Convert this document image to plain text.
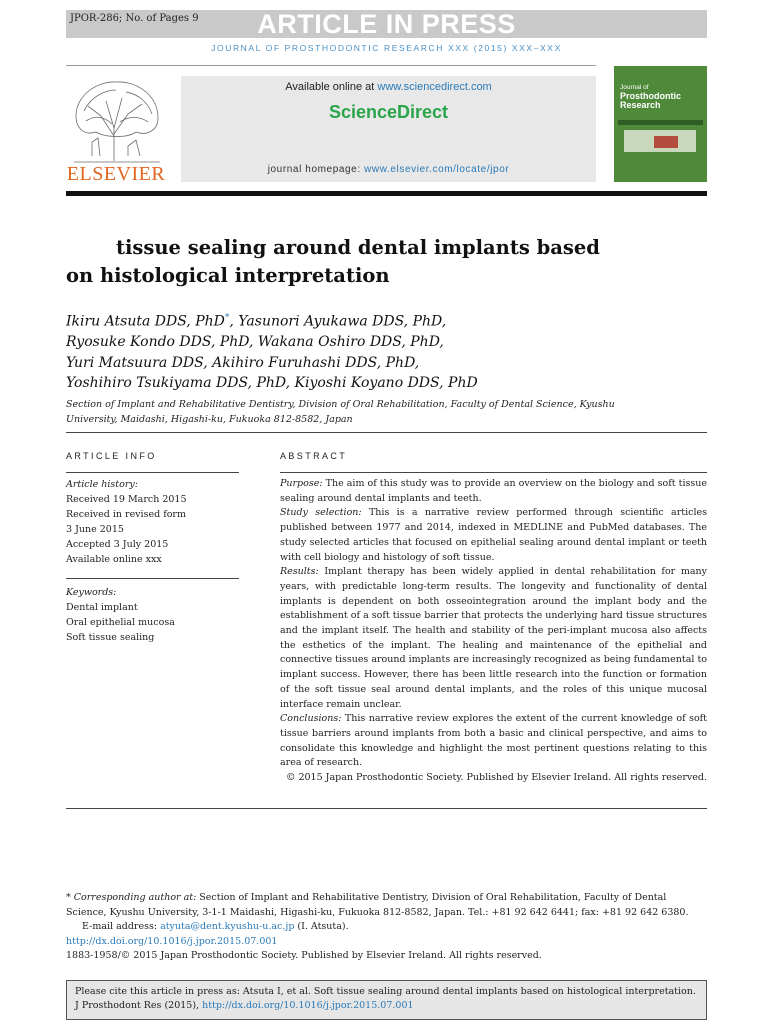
JPOR-286; No. of Pages 9	ARTICLE IN PRESS
JOURNAL OF PROSTHODONTIC RESEARCH XXX (2015) XXX–XXX
ELSEVIER
Available online at www.sciencedirect.com
ScienceDirect
journal homepage: www.elsevier.com/locate/jpor
Journal of
Prosthodontic Research
tissue sealing around dental implants based
on histological interpretation
Ikiru Atsuta DDS, PhD*, Yasunori Ayukawa DDS, PhD,
Ryosuke Kondo DDS, PhD, Wakana Oshiro DDS, PhD,
Yuri Matsuura DDS, Akihiro Furuhashi DDS, PhD,
Yoshihiro Tsukiyama DDS, PhD, Kiyoshi Koyano DDS, PhD
Section of Implant and Rehabilitative Dentistry, Division of Oral Rehabilitation, Faculty of Dental Science, Kyushu University, Maidashi, Higashi-ku, Fukuoka 812-8582, Japan
ARTICLE INFO	ABSTRACT
Article history:
Received 19 March 2015
Received in revised form
3 June 2015
Accepted 3 July 2015
Available online xxx
Keywords:
Dental implant
Oral epithelial mucosa
Soft tissue sealing

Purpose: The aim of this study was to provide an overview on the biology and soft tissue sealing around dental implants and teeth.

Study selection: This is a narrative review performed through scientific articles published between 1977 and 2014, indexed in MEDLINE and PubMed databases. The study selected articles that focused on epithelial sealing around dental implant or teeth with cell biology and histology of soft tissue.

Results: Implant therapy has been widely applied in dental rehabilitation for many years, with predictable long-term results. The longevity and functionality of dental implants is dependent on both osseointegration around the implant body and the establishment of a soft tissue barrier that protects the underlying hard tissue structures and the implant itself. The health and stability of the peri-implant mucosa also affects the esthetics of the implant. The healing and maintenance of the epithelial and connective tissues around implants are increasingly recognized as being fundamental to implant success. However, there has been little research into the function or formation of the soft tissue seal around dental implants, and the roles of this unique mucosal interface remain unclear.

Conclusions: This narrative review explores the extent of the current knowledge of soft tissue barriers around implants from both a basic and clinical perspective, and aims to consolidate this knowledge and highlight the most pertinent questions relating to this area of research.

© 2015 Japan Prosthodontic Society. Published by Elsevier Ireland. All rights reserved.

* Corresponding author at: Section of Implant and Rehabilitative Dentistry, Division of Oral Rehabilitation, Faculty of Dental Science, Kyushu University, 3-1-1 Maidashi, Higashi-ku, Fukuoka 812-8582, Japan. Tel.: +81 92 642 6441; fax: +81 92 642 6380.

E-mail address: atyuta@dent.kyushu-u.ac.jp (I. Atsuta).

http://dx.doi.org/10.1016/j.jpor.2015.07.001

1883-1958/© 2015 Japan Prosthodontic Society. Published by Elsevier Ireland. All rights reserved.

Please cite this article in press as: Atsuta I, et al. Soft tissue sealing around dental implants based on histological interpretation. J Prosthodont Res (2015), http://dx.doi.org/10.1016/j.jpor.2015.07.001
